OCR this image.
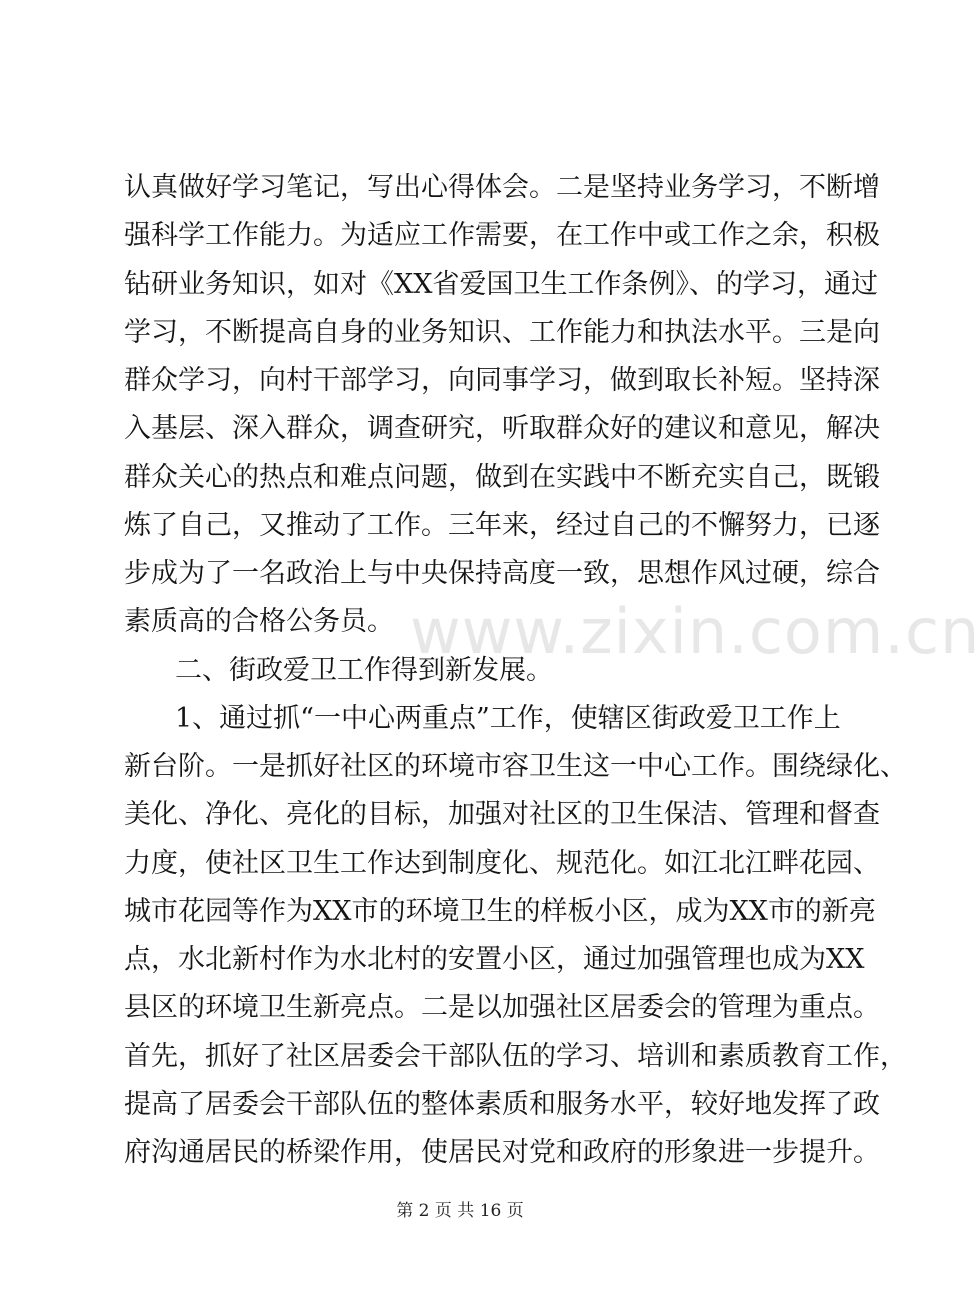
www.zixin.com.cn
认真做好学习笔记，写出心得体会。二是坚持业务学习，不断增
强科学工作能力。为适应工作需要，在工作中或工作之余，积极
钻研业务知识，如对《XX省爱国卫生工作条例》、的学习，通过
学习，不断提高自身的业务知识、工作能力和执法水平。三是向
群众学习，向村干部学习，向同事学习，做到取长补短。坚持深
入基层、深入群众，调查研究，听取群众好的建议和意见，解决
群众关心的热点和难点问题，做到在实践中不断充实自己，既锻
炼了自己，又推动了工作。三年来，经过自己的不懈努力，已逐
步成为了一名政治上与中央保持高度一致，思想作风过硬，综合
素质高的合格公务员。
二、街政爱卫工作得到新发展。
1、通过抓“一中心两重点”工作，使辖区街政爱卫工作上
新台阶。一是抓好社区的环境市容卫生这一中心工作。围绕绿化、
美化、净化、亮化的目标，加强对社区的卫生保洁、管理和督查
力度，使社区卫生工作达到制度化、规范化。如江北江畔花园、
城市花园等作为XX市的环境卫生的样板小区，成为XX市的新亮
点，水北新村作为水北村的安置小区，通过加强管理也成为XX
县区的环境卫生新亮点。二是以加强社区居委会的管理为重点。
首先，抓好了社区居委会干部队伍的学习、培训和素质教育工作，
提高了居委会干部队伍的整体素质和服务水平，较好地发挥了政
府沟通居民的桥梁作用，使居民对党和政府的形象进一步提升。
第 2 页 共 16 页
